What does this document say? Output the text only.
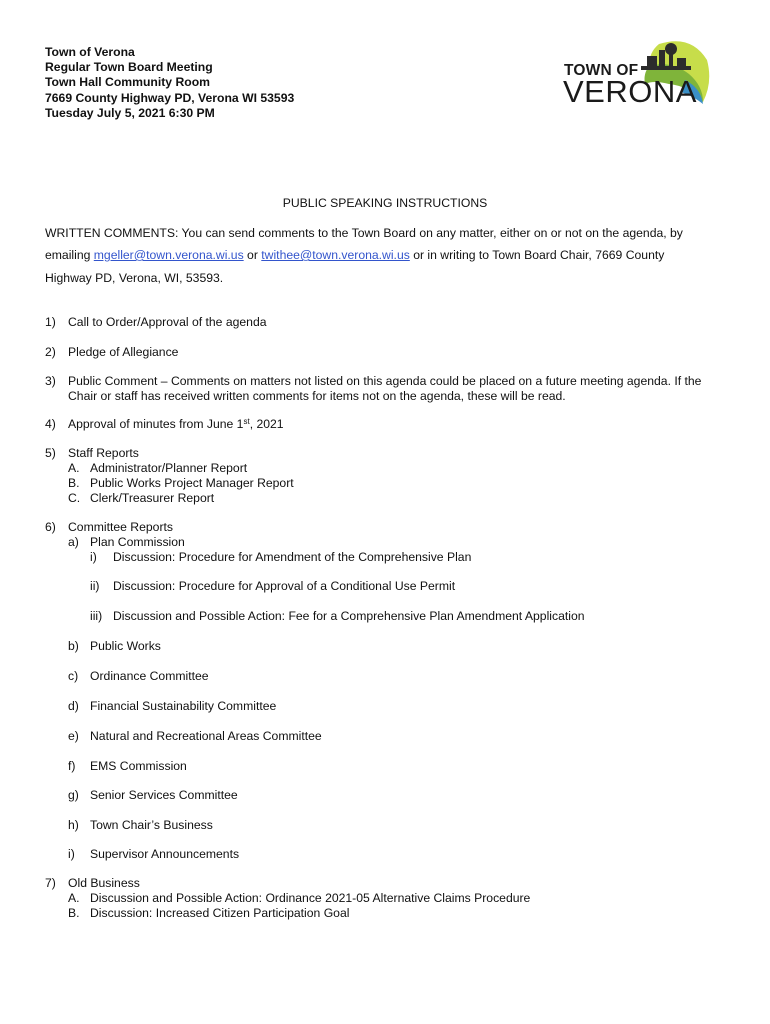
Town of Verona
Regular Town Board Meeting
Town Hall Community Room
7669 County Highway PD, Verona WI 53593
Tuesday July 5, 2021 6:30 PM
TOWN OF
VERONA
PUBLIC SPEAKING INSTRUCTIONS
WRITTEN COMMENTS: You can send comments to the Town Board on any matter, either on or not on the agenda, by
emailing mgeller@town.verona.wi.us or twithee@town.verona.wi.us or in writing to Town Board Chair, 7669 County
Highway PD, Verona, WI, 53593.
1) Call to Order/Approval of the agenda
2) Pledge of Allegiance
3) Public Comment – Comments on matters not listed on this agenda could be placed on a future meeting agenda. If the
Chair or staff has received written comments for items not on the agenda, these will be read.
4) Approval of minutes from June 1st, 2021
5) Staff Reports
A. Administrator/Planner Report
B. Public Works Project Manager Report
C. Clerk/Treasurer Report
6) Committee Reports
a) Plan Commission
i) Discussion: Procedure for Amendment of the Comprehensive Plan
ii) Discussion: Procedure for Approval of a Conditional Use Permit
iii) Discussion and Possible Action: Fee for a Comprehensive Plan Amendment Application
b) Public Works
c) Ordinance Committee
d) Financial Sustainability Committee
e) Natural and Recreational Areas Committee
f) EMS Commission
g) Senior Services Committee
h) Town Chair’s Business
i) Supervisor Announcements
7) Old Business
A. Discussion and Possible Action: Ordinance 2021-05 Alternative Claims Procedure
B. Discussion: Increased Citizen Participation Goal
